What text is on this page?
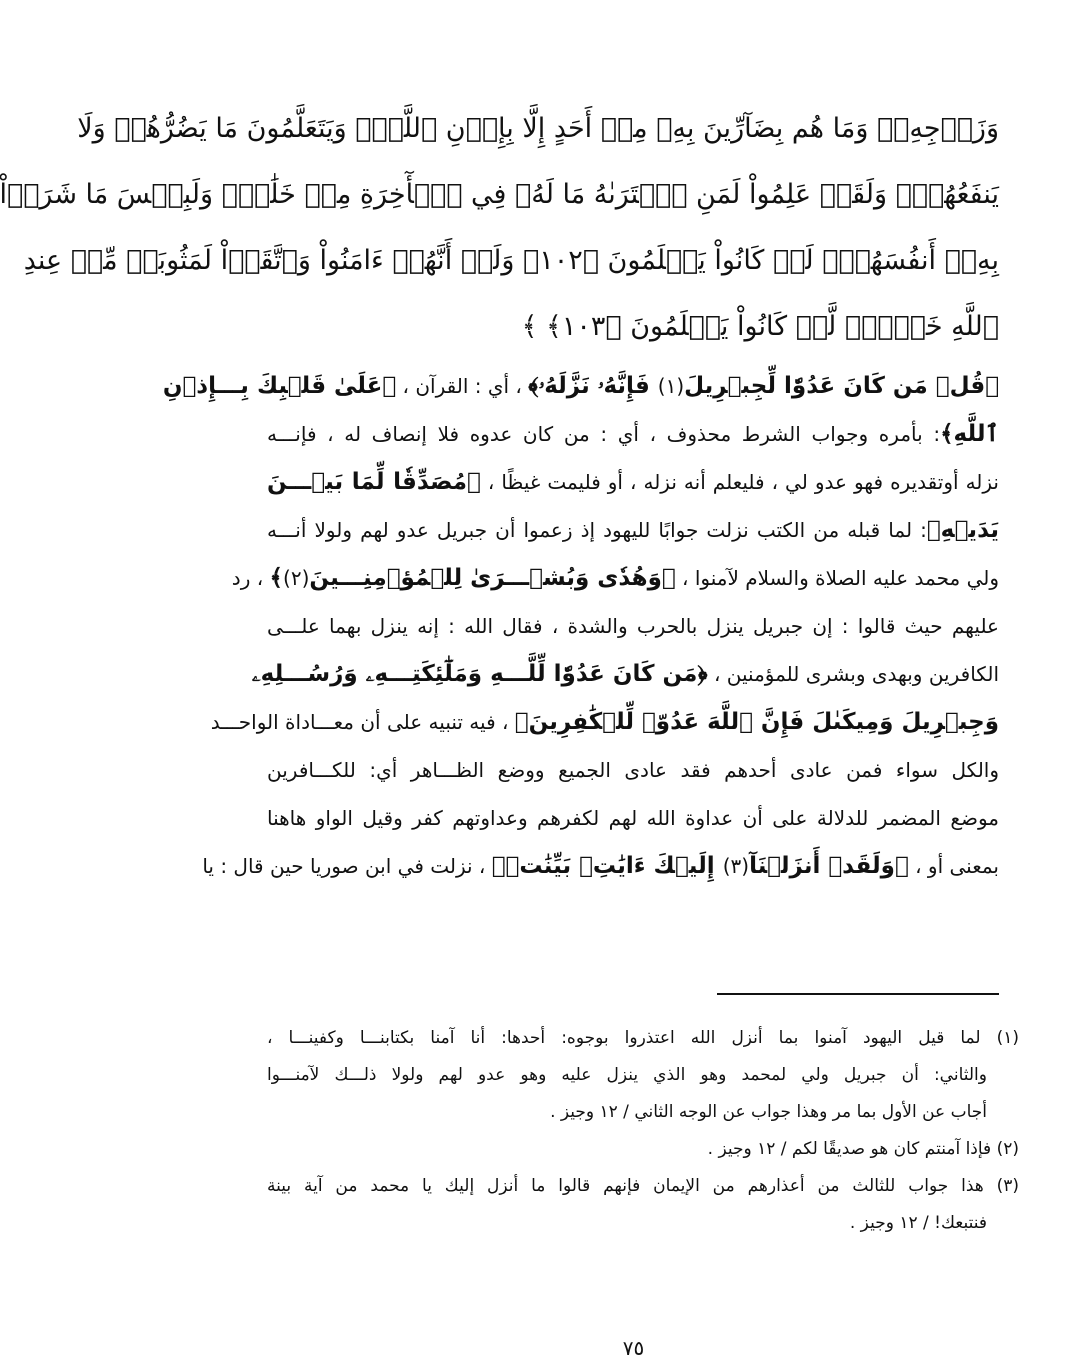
وَزَوۡجِهِۦۚ وَمَا هُم بِضَآرِّينَ بِهِۦ مِنۡ أَحَدٍ إِلَّا بِإِذۡنِ ٱللَّهِۚ وَيَتَعَلَّمُونَ مَا يَضُرُّهُمۡ وَلَا
يَنفَعُهُمۡۚ وَلَقَدۡ عَلِمُواْ لَمَنِ ٱشۡتَرَىٰهُ مَا لَهُۥ فِي ٱلۡأٓخِرَةِ مِنۡ خَلَٰقٖۚ وَلَبِئۡسَ مَا شَرَوۡاْ
بِهِۦٓ أَنفُسَهُمۡۚ لَوۡ كَانُواْ يَعۡلَمُونَ ﴿١٠٢﴾ وَلَوۡ أَنَّهُمۡ ءَامَنُواْ وَٱتَّقَوۡاْ لَمَثُوبَةٞ مِّنۡ عِندِ
ٱللَّهِ خَيۡرٞۚ لَّوۡ كَانُواْ يَعۡلَمُونَ ﴿١٠٣﴾ ﴾
﴿قُلۡ مَن كَانَ عَدُوّٗا لِّجِبۡرِيلَ(١) فَإِنَّهُۥ نَزَّلَهُۥ﴾ ، أي : القرآن ، ﴿عَلَىٰ قَلۡبِكَ بِـــإِذۡنِ
ٱللَّهِ﴾: بأمره وجواب الشرط محذوف ، أي : من كان عدوه فلا إنصاف له ، فإنـــه
نزله أوتقديره فهو عدو لي ، فليعلم أنه نزله ، أو فليمت غيظًا ، ﴿مُصَدِّقٗا لِّمَا بَيۡـــنَ
يَدَيۡهِ﴾: لما قبله من الكتب نزلت جوابًا لليهود إذ زعموا أن جبريل عدو لهم ولولا أنـــه
ولي محمد عليه الصلاة والسلام لآمنوا ، ﴿وَهُدٗى وَبُشۡـــرَىٰ لِلۡمُؤۡمِنِـــينَ(٢)﴾ ، رد
عليهم حيث قالوا : إن جبريل ينزل بالحرب والشدة ، فقال الله : إنه ينزل بهما علـــى
الكافرين وبهدى وبشرى للمؤمنين ، ﴿مَن كَانَ عَدُوّٗا لِّلَّـــهِ وَمَلَٰٓئِكَتِـــهِۦ وَرُسُـــلِهِۦ
وَجِبۡرِيلَ وَمِيكَىٰلَ فَإِنَّ ٱللَّهَ عَدُوّٞ لِّلۡكَٰفِرِينَ﴾ ، فيه تنبيه على أن معـــاداة الواحـــد
والكل سواء فمن عادى أحدهم فقد عادى الجميع ووضع الظـــاهر أي: للكـــافرين
موضع المضمر للدلالة على أن عداوة الله لهم لكفرهم وعداوتهم كفر وقيل الواو هاهنا
بمعنى أو ، ﴿وَلَقَدۡ أَنزَلۡنَآ(٣) إِلَيۡكَ ءَايَٰتِۭ بَيِّنَٰتٖ﴾ ، نزلت في ابن صوريا حين قال : يا
(١) لما قيل اليهود آمنوا بما أنزل الله اعتذروا بوجوه: أحدها: أنا آمنا بكتابنـــا وكفينـــا ،
والثاني: أن جبريل ولي لمحمد وهو الذي ينزل عليه وهو عدو لهم ولولا ذلـــك لآمنـــوا
أجاب عن الأول بما مر وهذا جواب عن الوجه الثاني / ١٢ وجيز .
(٢) فإذا آمنتم كان هو صديقًا لكم / ١٢ وجيز .
(٣) هذا جواب للثالث من أعذارهم من الإيمان فإنهم قالوا ما أنزل إليك يا محمد من آية بينة
فنتبعك! / ١٢ وجيز .
٧٥
